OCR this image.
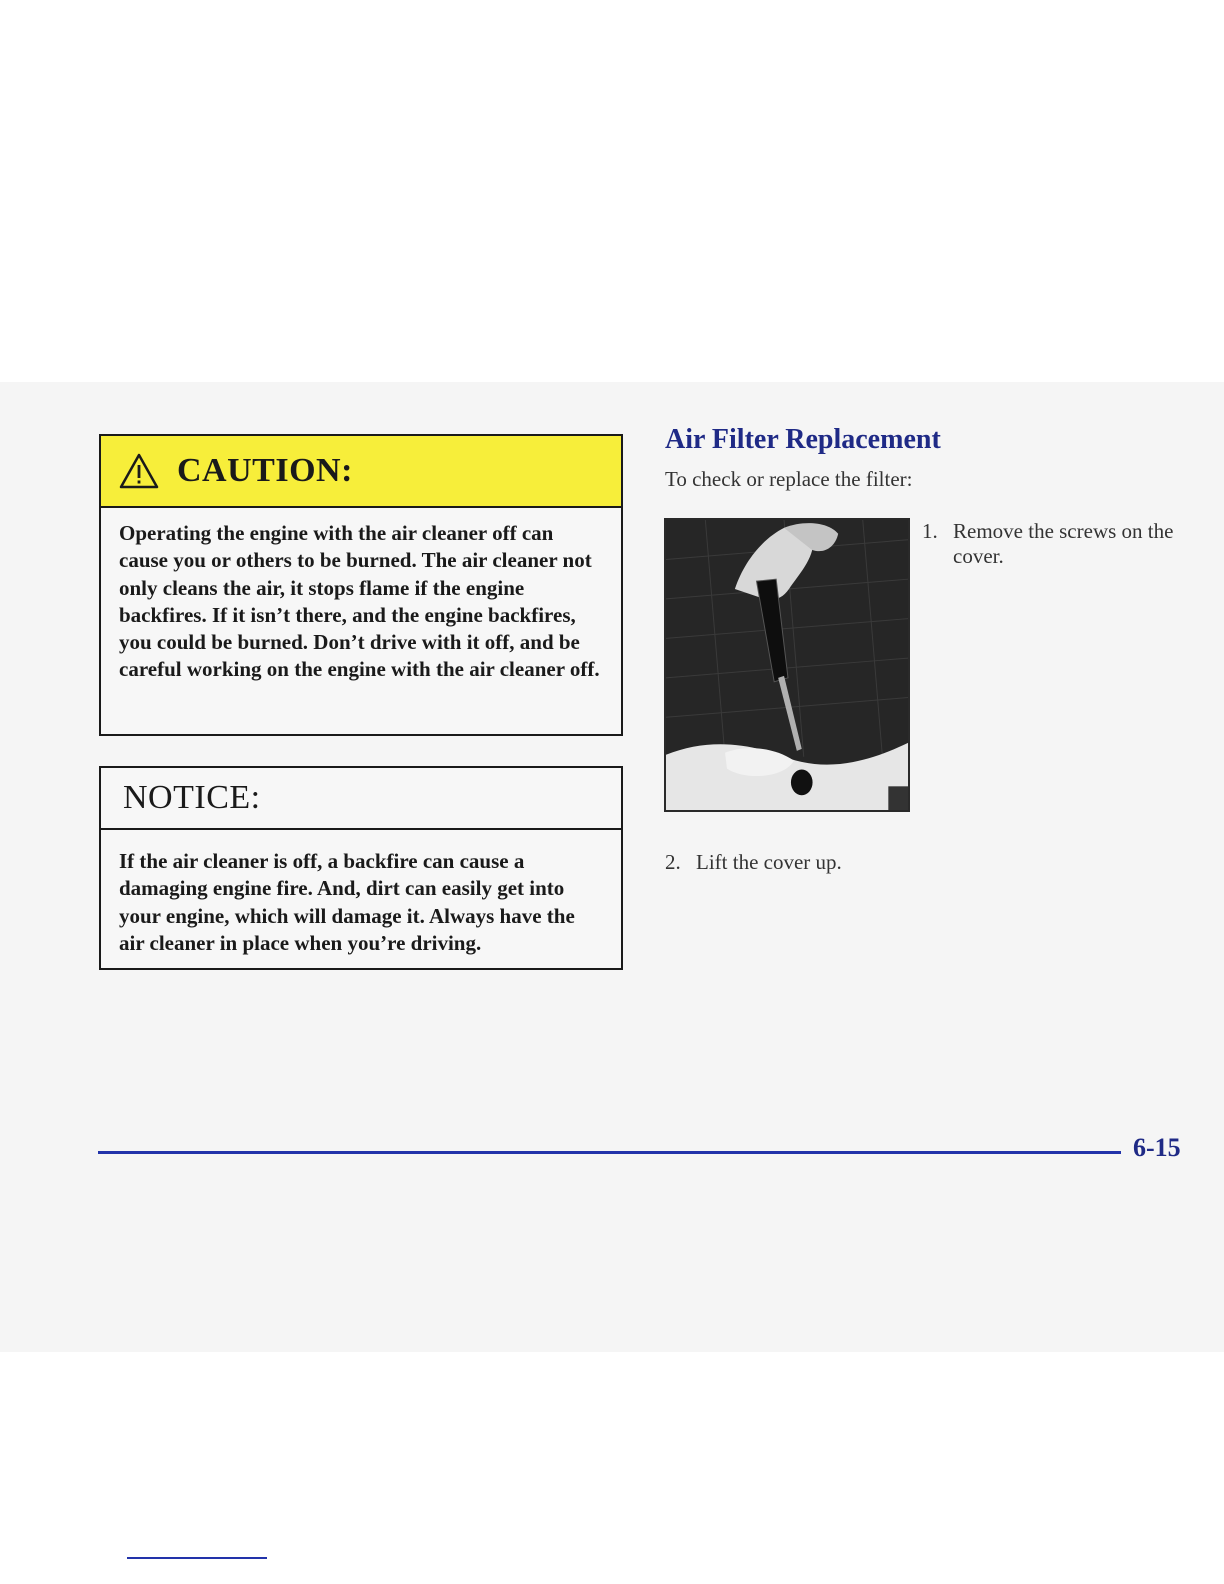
CAUTION:
Operating the engine with the air cleaner off can cause you or others to be burned. The air cleaner not only cleans the air, it stops flame if the engine backfires. If it isn’t there, and the engine backfires, you could be burned. Don’t drive with it off, and be careful working on the engine with the air cleaner off.
NOTICE:
If the air cleaner is off, a backfire can cause a damaging engine fire. And, dirt can easily get into your engine, which will damage it. Always have the air cleaner in place when you’re driving.
Air Filter Replacement
To check or replace the filter:
1. Remove the screws on the cover.
2. Lift the cover up.
6-15
